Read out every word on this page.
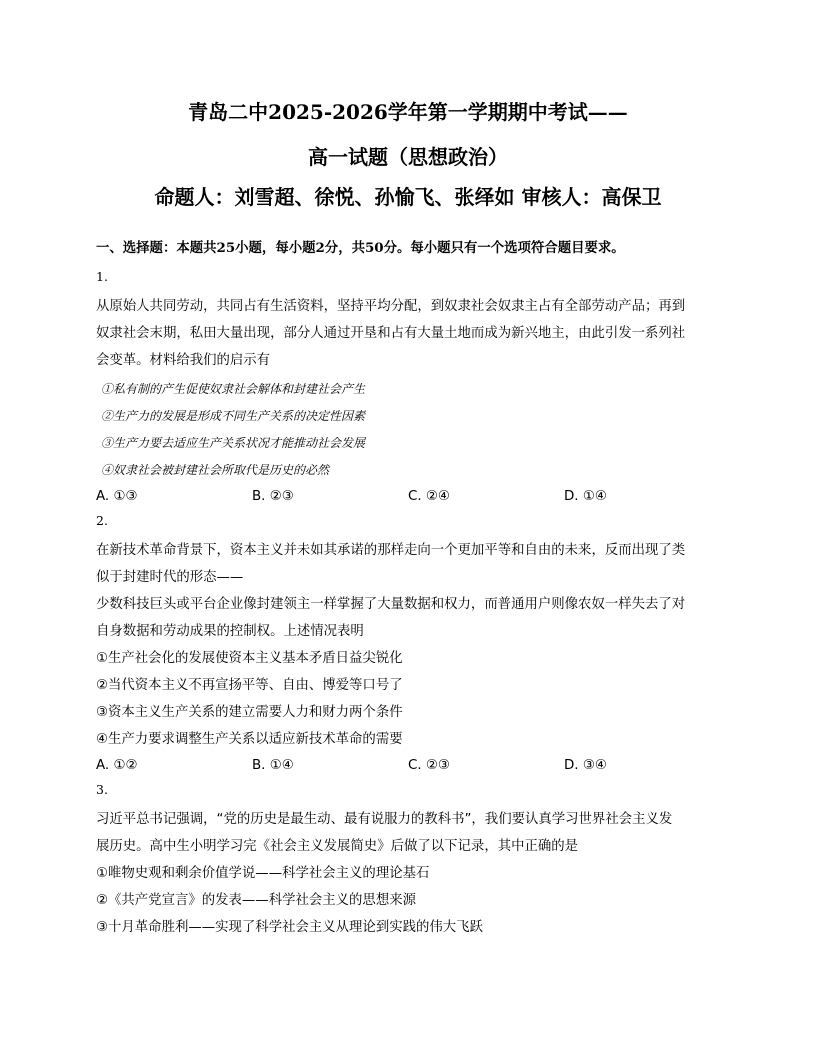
青岛二中2025-2026学年第一学期期中考试——
高一试题（思想政治）
命题人：刘雪超、徐悦、孙愉飞、张绎如 审核人：高保卫
一、选择题：本题共25小题，每小题2分，共50分。每小题只有一个选项符合题目要求。
1.
从原始人共同劳动，共同占有生活资料，坚持平均分配，到奴隶社会奴隶主占有全部劳动产品；再到
奴隶社会末期，私田大量出现，部分人通过开垦和占有大量土地而成为新兴地主，由此引发一系列社
会变革。材料给我们的启示有
①私有制的产生促使奴隶社会解体和封建社会产生
②生产力的发展是形成不同生产关系的决定性因素
③生产力要去适应生产关系状况才能推动社会发展
④奴隶社会被封建社会所取代是历史的必然
A. ①③	B. ②③	C. ②④	D. ①④
2.
在新技术革命背景下，资本主义并未如其承诺的那样走向一个更加平等和自由的未来，反而出现了类
似于封建时代的形态——
少数科技巨头或平台企业像封建领主一样掌握了大量数据和权力，而普通用户则像农奴一样失去了对
自身数据和劳动成果的控制权。上述情况表明
①生产社会化的发展使资本主义基本矛盾日益尖锐化
②当代资本主义不再宣扬平等、自由、博爱等口号了
③资本主义生产关系的建立需要人力和财力两个条件
④生产力要求调整生产关系以适应新技术革命的需要
A. ①②	B. ①④	C. ②③	D. ③④
3.
习近平总书记强调，“党的历史是最生动、最有说服力的教科书”，我们要认真学习世界社会主义发
展历史。高中生小明学习完《社会主义发展简史》后做了以下记录，其中正确的是
①唯物史观和剩余价值学说——科学社会主义的理论基石
②《共产党宣言》的发表——科学社会主义的思想来源
③十月革命胜利——实现了科学社会主义从理论到实践的伟大飞跃
